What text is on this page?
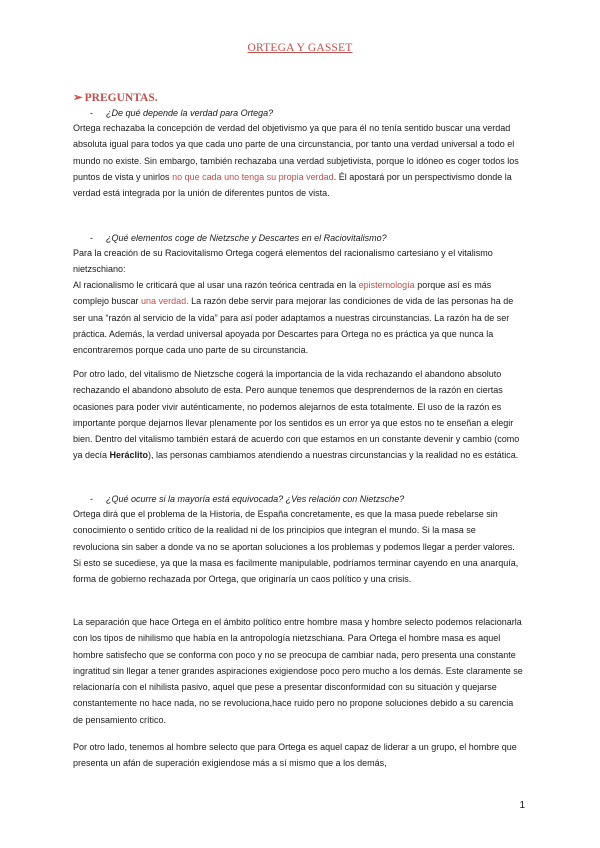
ORTEGA Y GASSET
➢ PREGUNTAS.
- ¿De qué depende la verdad para Ortega?
Ortega rechazaba la concepción de verdad del objetivismo ya que para él no tenía sentido buscar una verdad absoluta igual para todos ya que cada uno parte de una circunstancia, por tanto una verdad universal a todo el mundo no existe. Sin embargo, también rechazaba una verdad subjetivista, porque lo idóneo es coger todos los puntos de vista y unirlos no que cada uno tenga su propia verdad. Él apostará por un perspectivismo donde la verdad está integrada por la unión de diferentes puntos de vista.
- ¿Qué elementos coge de Nietzsche y Descartes en el Raciovitalismo?
Para la creación de su Raciovitalismo Ortega cogerá elementos del racionalismo cartesiano y el vitalismo nietzschiano:
Al racionalismo le criticará que al usar una razón teórica centrada en la epistemología porque así es más complejo buscar una verdad. La razón debe servir para mejorar las condiciones de vida de las personas ha de ser una “razón al servicio de la vida” para así poder adaptamos a nuestras circunstancias. La razón ha de ser práctica. Además, la verdad universal apoyada por Descartes para Ortega no es práctica ya que nunca la encontraremos porque cada uno parte de su circunstancia.
Por otro lado, del vitalismo de Nietzsche cogerá la importancia de la vida rechazando el abandono absoluto rechazando el abandono absoluto de esta. Pero aunque tenemos que desprendernos de la razón en ciertas ocasiones para poder vivir auténticamente, no podemos alejarnos de esta totalmente. El uso de la razón es importante porque dejarnos llevar plenamente por los sentidos es un error ya que estos no te enseñan a elegir bien. Dentro del vitalismo también estará de acuerdo con que estamos en un constante devenir y cambio (como ya decía Heráclito), las personas cambiamos atendiendo a nuestras circunstancias y la realidad no es estática.
- ¿Qué ocurre si la mayoría está equivocada? ¿Ves relación con Nietzsche?
Ortega dirá que el problema de la Historia, de España concretamente, es que la masa puede rebelarse sin conocimiento o sentido crítico de la realidad ni de los principios que integran el mundo. Si la masa se revoluciona sin saber a donde va no se aportan soluciones a los problemas y podemos llegar a perder valores. Si esto se sucediese, ya que la masa es facilmente manipulable, podríamos terminar cayendo en una anarquía, forma de gobierno rechazada por Ortega, que originaría un caos político y una crisis.
La separación que hace Ortega en el ámbito político entre hombre masa y hombre selecto podemos relacionarla con los tipos de nihilismo que había en la antropología nietzschiana. Para Ortega el hombre masa es aquel hombre satisfecho que se conforma con poco y no se preocupa de cambiar nada, pero presenta una constante ingratitud sin llegar a tener grandes aspiraciones exigiendose poco pero mucho a los demás. Este claramente se relacionaría con el nihilista pasivo, aquel que pese a presentar disconformidad con su situación y quejarse constantemente no hace nada, no se revoluciona,hace ruido pero no propone soluciones debido a su carencia de pensamiento crítico.
Por otro lado, tenemos al hombre selecto que para Ortega es aquel capaz de liderar a un grupo, el hombre que presenta un afán de superación exigiendose más a sí mismo que a los demás,
1
